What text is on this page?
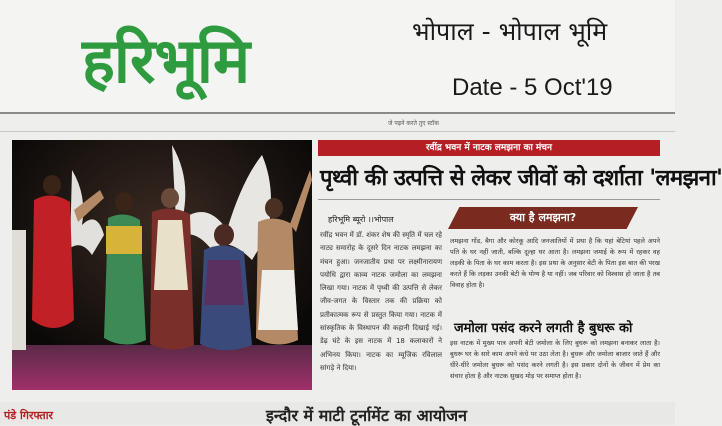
हरिभूमि	भोपाल - भोपाल भूमि
Date - 5 Oct'19
जे पढ़ने करते तुए स्टॉक
रवींद्र भवन में नाटक लमझना का मंचन
पृथ्वी की उत्पत्ति से लेकर जीवों को दर्शाता 'लमझना'
हरिभूमि ब्यूरो ।।भोपाल
रवींद्र भवन में डॉ. शंकर शेष की स्मृति में चल रहे नाट्य समारोह के दूसरे दिन नाटक लमझना का मंचन हुआ। जनजातीय प्रथा पर लक्ष्मीनारायण पयोधि द्वारा काव्य नाटक जमोला का लमझना लिखा गया। नाटक में पृथ्वी की उत्पत्ति से लेकर जीव-जगत के विस्तार तक की प्रक्रिया को प्रतीकात्मक रूप से प्रस्तुत किया गया। नाटक में सांस्कृतिक के विस्थापन की कहानी दिखाई गई। डेढ़ घंटे के इस नाटक में 18 कलाकारों ने अभिनय किया। नाटक का म्यूजिक रविलाल सांगड़े ने दिया।
क्या है लमझना?
लमझना गोंड, बैगा और कोरकू आदि जनजातियों में प्रथा है कि यहां बेटियां पहले अपने पति के घर नहीं जाती, बल्कि दूल्हा घर आता है। लमझना जमाई के रूप में रहकर वह लड़की के पिता के घर काम करता है। इस प्रथा के अनुसार बेटी के पिता इस बात की परख करते हैं कि लड़का उनकी बेटी के योग्य है या नहीं। जब परिवार को विश्वास हो जाता है तब विवाह होता है।
जमोला पसंद करने लगती है बुधरू को
इस नाटक में मुख्य पात्र अपनी बेटी जमोला के लिए बुधरू को लमझना बनाकर लाता है। बुधरू घर के सारे काम अपने कंधे पर उठा लेता है। बुधरू और जमोला बाजार जाते हैं और धीरे-धीरे जमोला बुधरू को पसंद करने लगती है। इस प्रकार दोनों के जीवन में प्रेम का संचार होता है और नाटक सुखद मोड़ पर समाप्त होता है।
पंडे गिरफ्तार	इन्दौर में माटी टूर्नामेंट का आयोजन
